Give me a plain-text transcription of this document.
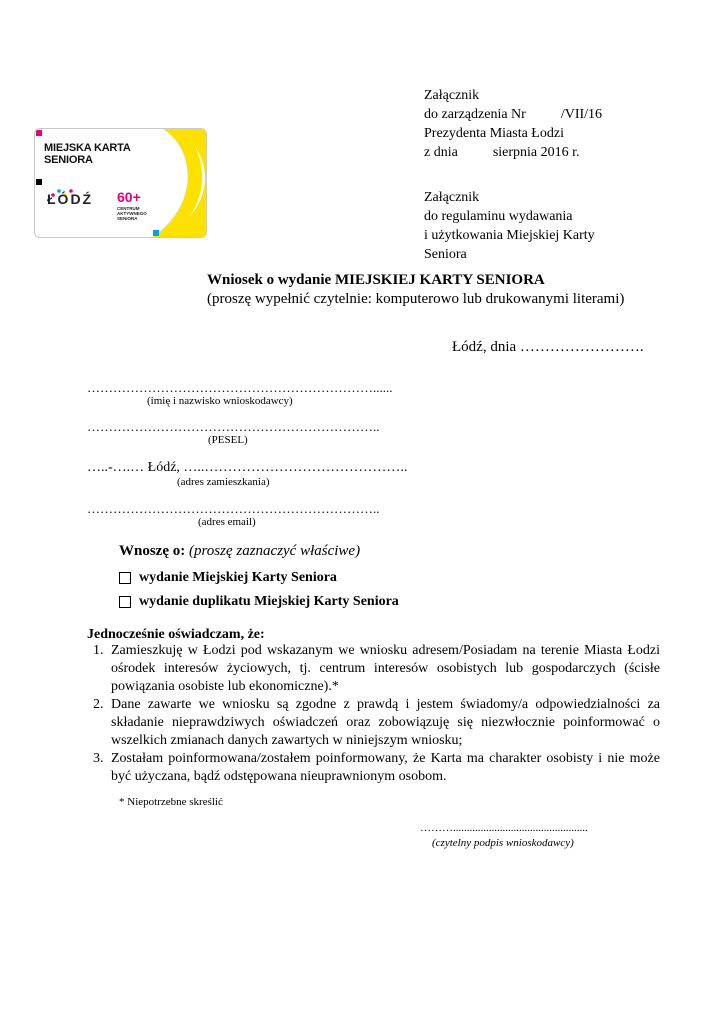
Załącznik
do zarządzenia Nr          /VII/16
Prezydenta Miasta Łodzi
z dnia          sierpnia 2016 r.
MIEJSKA KARTA
SENIORA
ŁÓDŹ 60+
CENTRUM
AKTYWNEGO
SENIORA
Załącznik
do regulaminu wydawania
i użytkowania Miejskiej Karty
Seniora
Wniosek o wydanie MIEJSKIEJ KARTY SENIORA
(proszę wypełnić czytelnie: komputerowo lub drukowanymi literami)
Łódź, dnia …………………….
…………………………………………………………......
(imię i nazwisko wnioskodawcy)
…………………………………………………………..
(PESEL)
…..-….… Łódź, …..……………………………………..
(adres zamieszkania)
…………………………………………………………..
(adres email)
Wnoszę o: (proszę zaznaczyć właściwe)
wydanie Miejskiej Karty Seniora
wydanie duplikatu Miejskiej Karty Seniora
Jednocześnie oświadczam, że:
1. Zamieszkuję w Łodzi pod wskazanym we wniosku adresem/Posiadam na terenie Miasta Łodzi ośrodek interesów życiowych, tj. centrum interesów osobistych lub gospodarczych (ścisłe powiązania osobiste lub ekonomiczne).*
2. Dane zawarte we wniosku są zgodne z prawdą i jestem świadomy/a odpowiedzialności za składanie nieprawdziwych oświadczeń oraz zobowiązuję się niezwłocznie poinformować o wszelkich zmianach danych zawartych w niniejszym wniosku;
3. Zostałam poinformowana/zostałem poinformowany, że Karta ma charakter osobisty i nie może być użyczana, bądź odstępowana nieuprawnionym osobom.
* Niepotrzebne skreślić
……….................................................
(czytelny podpis wnioskodawcy)
